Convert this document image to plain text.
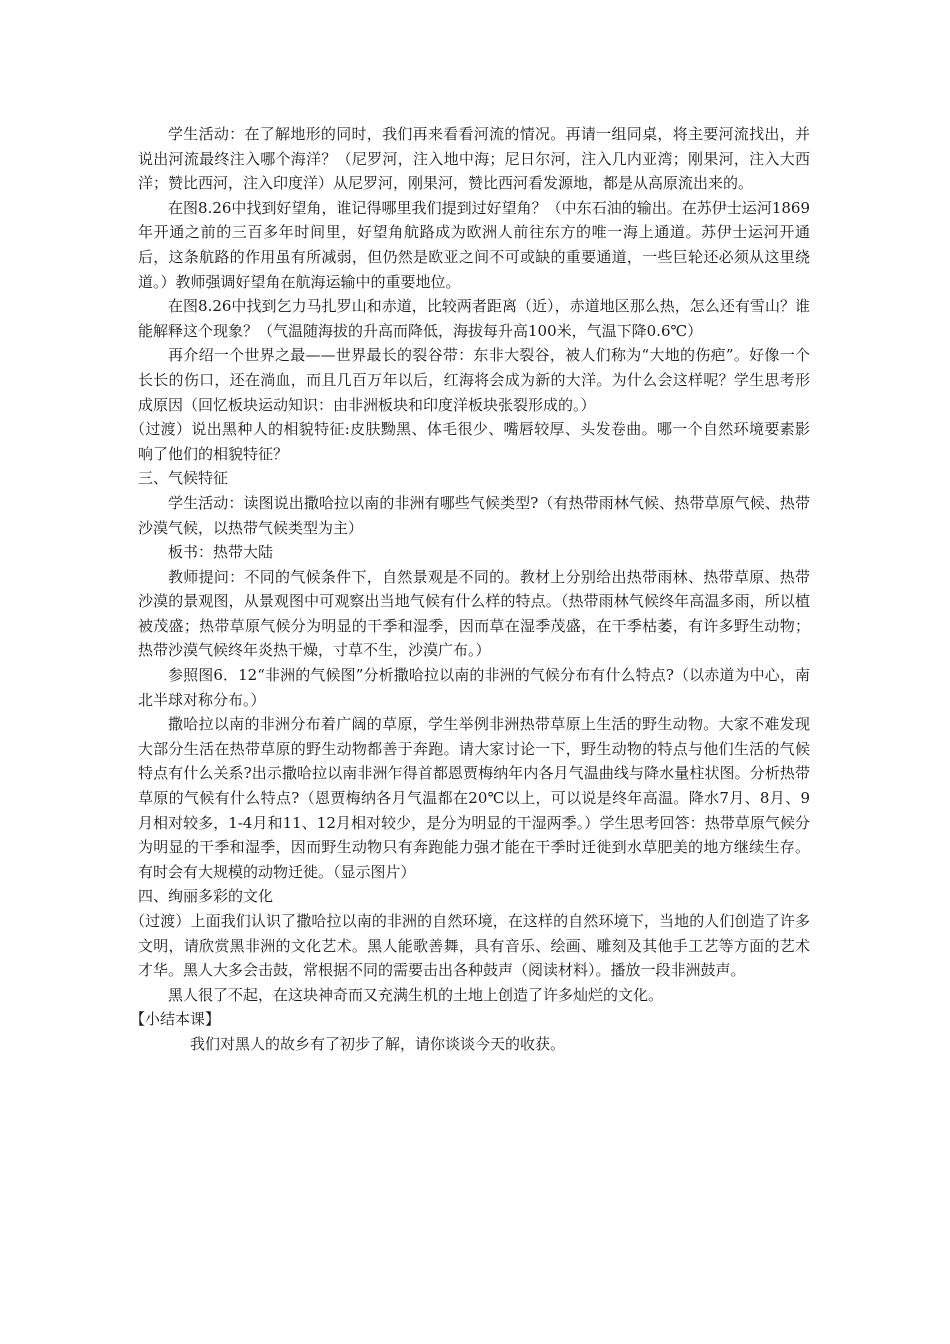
学生活动：在了解地形的同时，我们再来看看河流的情况。再请一组同桌，将主要河流找出，并说出河流最终注入哪个海洋？（尼罗河，注入地中海；尼日尔河，注入几内亚湾；刚果河，注入大西洋；赞比西河，注入印度洋）从尼罗河，刚果河，赞比西河看发源地，都是从高原流出来的。

在图8.26中找到好望角，谁记得哪里我们提到过好望角？（中东石油的输出。在苏伊士运河1869年开通之前的三百多年时间里，好望角航路成为欧洲人前往东方的唯一海上通道。苏伊士运河开通后，这条航路的作用虽有所减弱，但仍然是欧亚之间不可或缺的重要通道，一些巨轮还必须从这里绕道。）教师强调好望角在航海运输中的重要地位。

在图8.26中找到乞力马扎罗山和赤道，比较两者距离（近），赤道地区那么热，怎么还有雪山？谁能解释这个现象？（气温随海拔的升高而降低，海拔每升高100米，气温下降0.6℃）

再介绍一个世界之最——世界最长的裂谷带：东非大裂谷，被人们称为“大地的伤疤”。好像一个长长的伤口，还在淌血，而且几百万年以后，红海将会成为新的大洋。为什么会这样呢？学生思考形成原因（回忆板块运动知识：由非洲板块和印度洋板块张裂形成的。）

（过渡）说出黑种人的相貌特征:皮肤黝黑、体毛很少、嘴唇较厚、头发卷曲。哪一个自然环境要素影响了他们的相貌特征？

三、气候特征

学生活动：读图说出撒哈拉以南的非洲有哪些气候类型?（有热带雨林气候、热带草原气候、热带沙漠气候，以热带气候类型为主）

板书：热带大陆

教师提问：不同的气候条件下，自然景观是不同的。教材上分别给出热带雨林、热带草原、热带沙漠的景观图，从景观图中可观察出当地气候有什么样的特点。（热带雨林气候终年高温多雨，所以植被茂盛；热带草原气候分为明显的干季和湿季，因而草在湿季茂盛，在干季枯萎，有许多野生动物；热带沙漠气候终年炎热干燥，寸草不生，沙漠广布。）

参照图6．12“非洲的气候图”分析撒哈拉以南的非洲的气候分布有什么特点?（以赤道为中心，南北半球对称分布。）

撒哈拉以南的非洲分布着广阔的草原，学生举例非洲热带草原上生活的野生动物。大家不难发现大部分生活在热带草原的野生动物都善于奔跑。请大家讨论一下，野生动物的特点与他们生活的气候特点有什么关系?出示撒哈拉以南非洲乍得首都恩贾梅纳年内各月气温曲线与降水量柱状图。分析热带草原的气候有什么特点?（恩贾梅纳各月气温都在20℃以上，可以说是终年高温。降水7月、8月、9月相对较多，1-4月和11、12月相对较少，是分为明显的干湿两季。）学生思考回答：热带草原气候分为明显的干季和湿季，因而野生动物只有奔跑能力强才能在干季时迁徙到水草肥美的地方继续生存。有时会有大规模的动物迁徙。（显示图片）

四、绚丽多彩的文化

（过渡）上面我们认识了撒哈拉以南的非洲的自然环境，在这样的自然环境下，当地的人们创造了许多文明，请欣赏黑非洲的文化艺术。黑人能歌善舞，具有音乐、绘画、雕刻及其他手工艺等方面的艺术才华。黑人大多会击鼓，常根据不同的需要击出各种鼓声（阅读材料）。播放一段非洲鼓声。

黑人很了不起，在这块神奇而又充满生机的土地上创造了许多灿烂的文化。

【小结本课】

我们对黑人的故乡有了初步了解，请你谈谈今天的收获。
